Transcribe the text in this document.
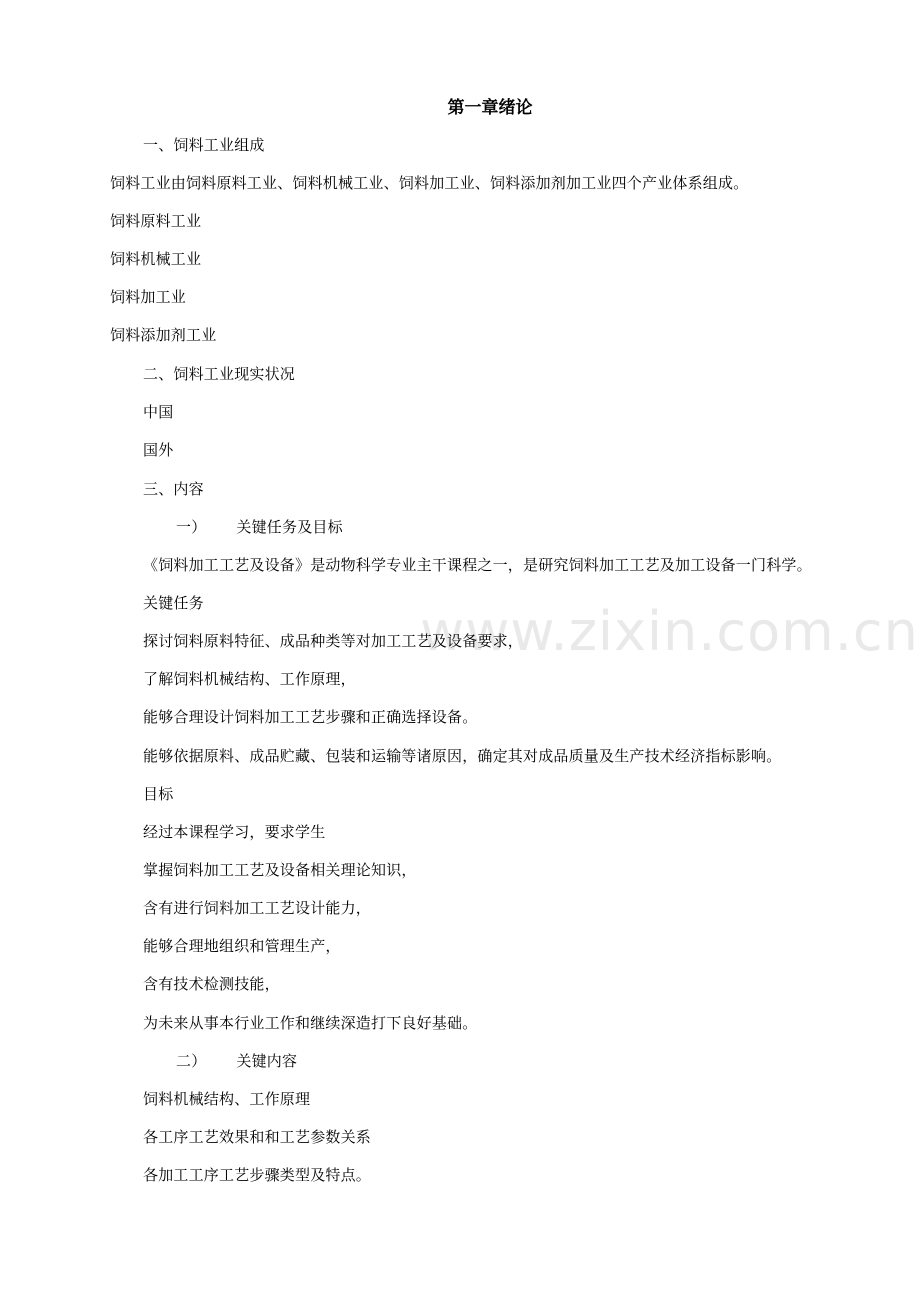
www.zixin.com.cn
第一章绪论
一、饲料工业组成
饲料工业由饲料原料工业、饲料机械工业、饲料加工业、饲料添加剂加工业四个产业体系组成。
饲料原料工业
饲料机械工业
饲料加工业
饲料添加剂工业
二、饲料工业现实状况
中国
国外
三、内容
一） 关键任务及目标
《饲料加工工艺及设备》是动物科学专业主干课程之一，是研究饲料加工工艺及加工设备一门科学。
关键任务
探讨饲料原料特征、成品种类等对加工工艺及设备要求，
了解饲料机械结构、工作原理，
能够合理设计饲料加工工艺步骤和正确选择设备。
能够依据原料、成品贮藏、包装和运输等诸原因，确定其对成品质量及生产技术经济指标影响。
目标
经过本课程学习，要求学生
掌握饲料加工工艺及设备相关理论知识，
含有进行饲料加工工艺设计能力，
能够合理地组织和管理生产，
含有技术检测技能，
为未来从事本行业工作和继续深造打下良好基础。
二） 关键内容
饲料机械结构、工作原理
各工序工艺效果和和工艺参数关系
各加工工序工艺步骤类型及特点。
